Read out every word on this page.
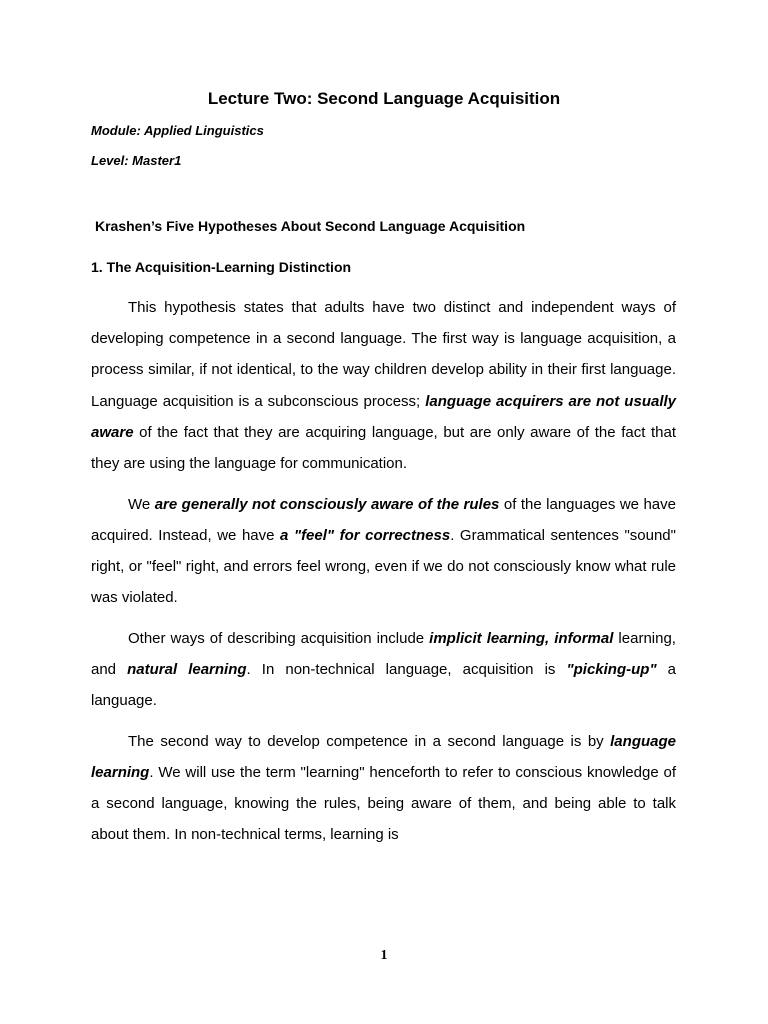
Lecture Two: Second Language Acquisition

Module: Applied Linguistics

Level: Master1

Krashen’s Five Hypotheses About Second Language Acquisition
1. The Acquisition-Learning Distinction

This hypothesis states that adults have two distinct and independent ways of developing competence in a second language. The first way is language acquisition, a process similar, if not identical, to the way children develop ability in their first language. Language acquisition is a subconscious process; language acquirers are not usually aware of the fact that they are acquiring language, but are only aware of the fact that they are using the language for communication.

We are generally not consciously aware of the rules of the languages we have acquired. Instead, we have a "feel" for correctness. Grammatical sentences "sound" right, or "feel" right, and errors feel wrong, even if we do not consciously know what rule was violated.

Other ways of describing acquisition include implicit learning, informal learning, and natural learning. In non-technical language, acquisition is "picking-up" a language.

The second way to develop competence in a second language is by language learning. We will use the term "learning" henceforth to refer to conscious knowledge of a second language, knowing the rules, being aware of them, and being able to talk about them. In non-technical terms, learning is

1
